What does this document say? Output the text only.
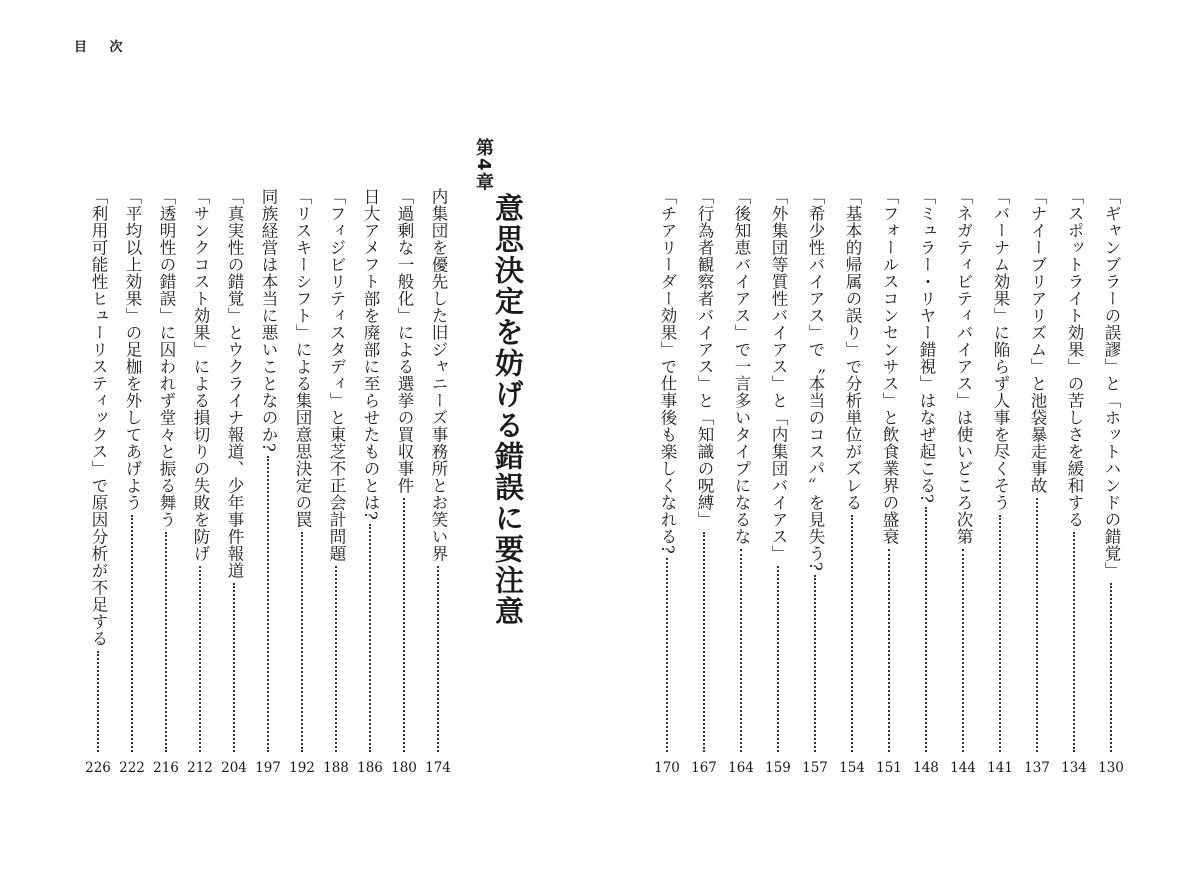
目 次
第4章
意思決定を妨げる錯誤に要注意	「ギャンブラーの誤謬」と「ホットハンドの錯覚」
130
「スポットライト効果」の苦しさを緩和する
134
「ナイーブリアリズム」と池袋暴走事故
137
「バーナム効果」に陥らず人事を尽くそう
141
「ネガティビティバイアス」は使いどころ次第
144
「ミュラー・リヤー錯視」はなぜ起こる?
148
「フォールスコンセンサス」と飲食業界の盛衰
151
「基本的帰属の誤り」で分析単位がズレる
154
「希少性バイアス」で〝本当のコスパ〟を見失う?
157
「外集団等質性バイアス」と「内集団バイアス」
159
「後知恵バイアス」で一言多いタイプになるな
164
「行為者観察者バイアス」と「知識の呪縛」
167
「チアリーダー効果」で仕事後も楽しくなれる?
170
内集団を優先した旧ジャニーズ事務所とお笑い界
174
「過剰な一般化」による選挙の買収事件
180
日大アメフト部を廃部に至らせたものとは?
186
「フィジビリティスタディ」と東芝不正会計問題
188
「リスキーシフト」による集団意思決定の罠
192
同族経営は本当に悪いことなのか?
197
「真実性の錯覚」とウクライナ報道、少年事件報道
204
「サンクコスト効果」による損切りの失敗を防げ
212
「透明性の錯誤」に囚われず堂々と振る舞う
216
「平均以上効果」の足枷を外してあげよう
222
「利用可能性ヒューリスティックス」で原因分析が不足する
226
